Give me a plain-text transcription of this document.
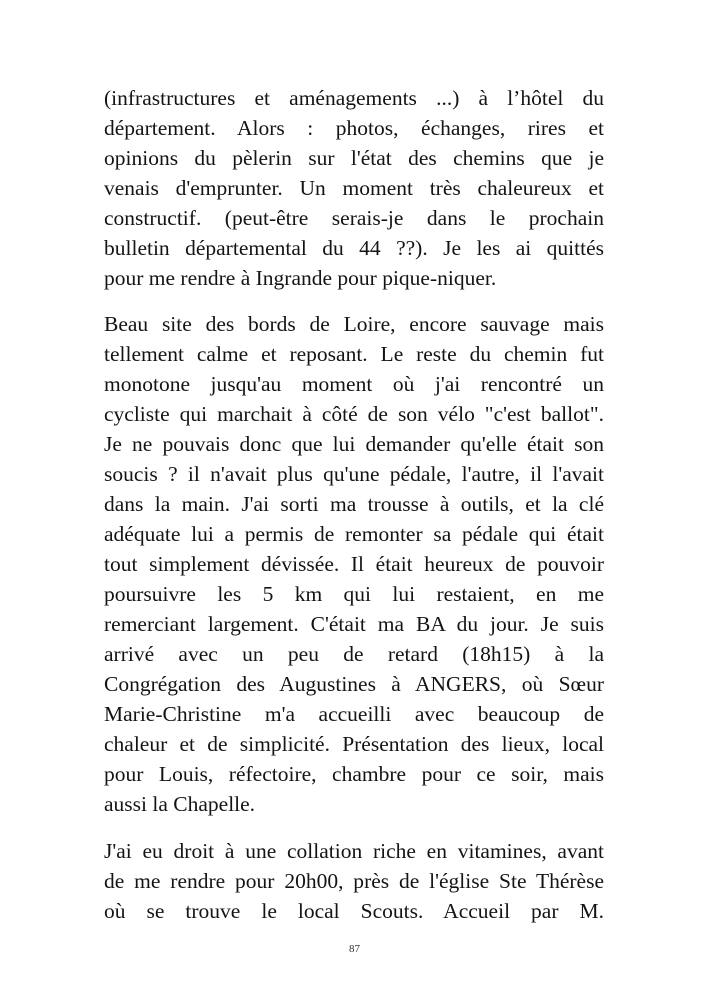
(infrastructures et aménagements ...) à l’hôtel du
département. Alors : photos, échanges, rires et
opinions du pèlerin sur l'état des chemins que je
venais d'emprunter. Un moment très chaleureux et
constructif. (peut-être serais-je dans le prochain
bulletin départemental du 44 ??). Je les ai quittés
pour me rendre à Ingrande pour pique-niquer.
Beau site des bords de Loire, encore sauvage mais
tellement calme et reposant. Le reste du chemin fut
monotone jusqu'au moment où j'ai rencontré un
cycliste qui marchait à côté de son vélo "c'est ballot".
Je ne pouvais donc que lui demander qu'elle était son
soucis ? il n'avait plus qu'une pédale, l'autre, il l'avait
dans la main. J'ai sorti ma trousse à outils, et la clé
adéquate lui a permis de remonter sa pédale qui était
tout simplement dévissée. Il était heureux de pouvoir
poursuivre les 5 km qui lui restaient, en me
remerciant largement. C'était ma BA du jour. Je suis
arrivé avec un peu de retard (18h15) à la
Congrégation des Augustines à ANGERS, où Sœur
Marie-Christine m'a accueilli avec beaucoup de
chaleur et de simplicité. Présentation des lieux, local
pour Louis, réfectoire, chambre pour ce soir, mais
aussi la Chapelle.
J'ai eu droit à une collation riche en vitamines, avant
de me rendre pour 20h00, près de l'église Ste Thérèse
où se trouve le local Scouts. Accueil par M.
87
